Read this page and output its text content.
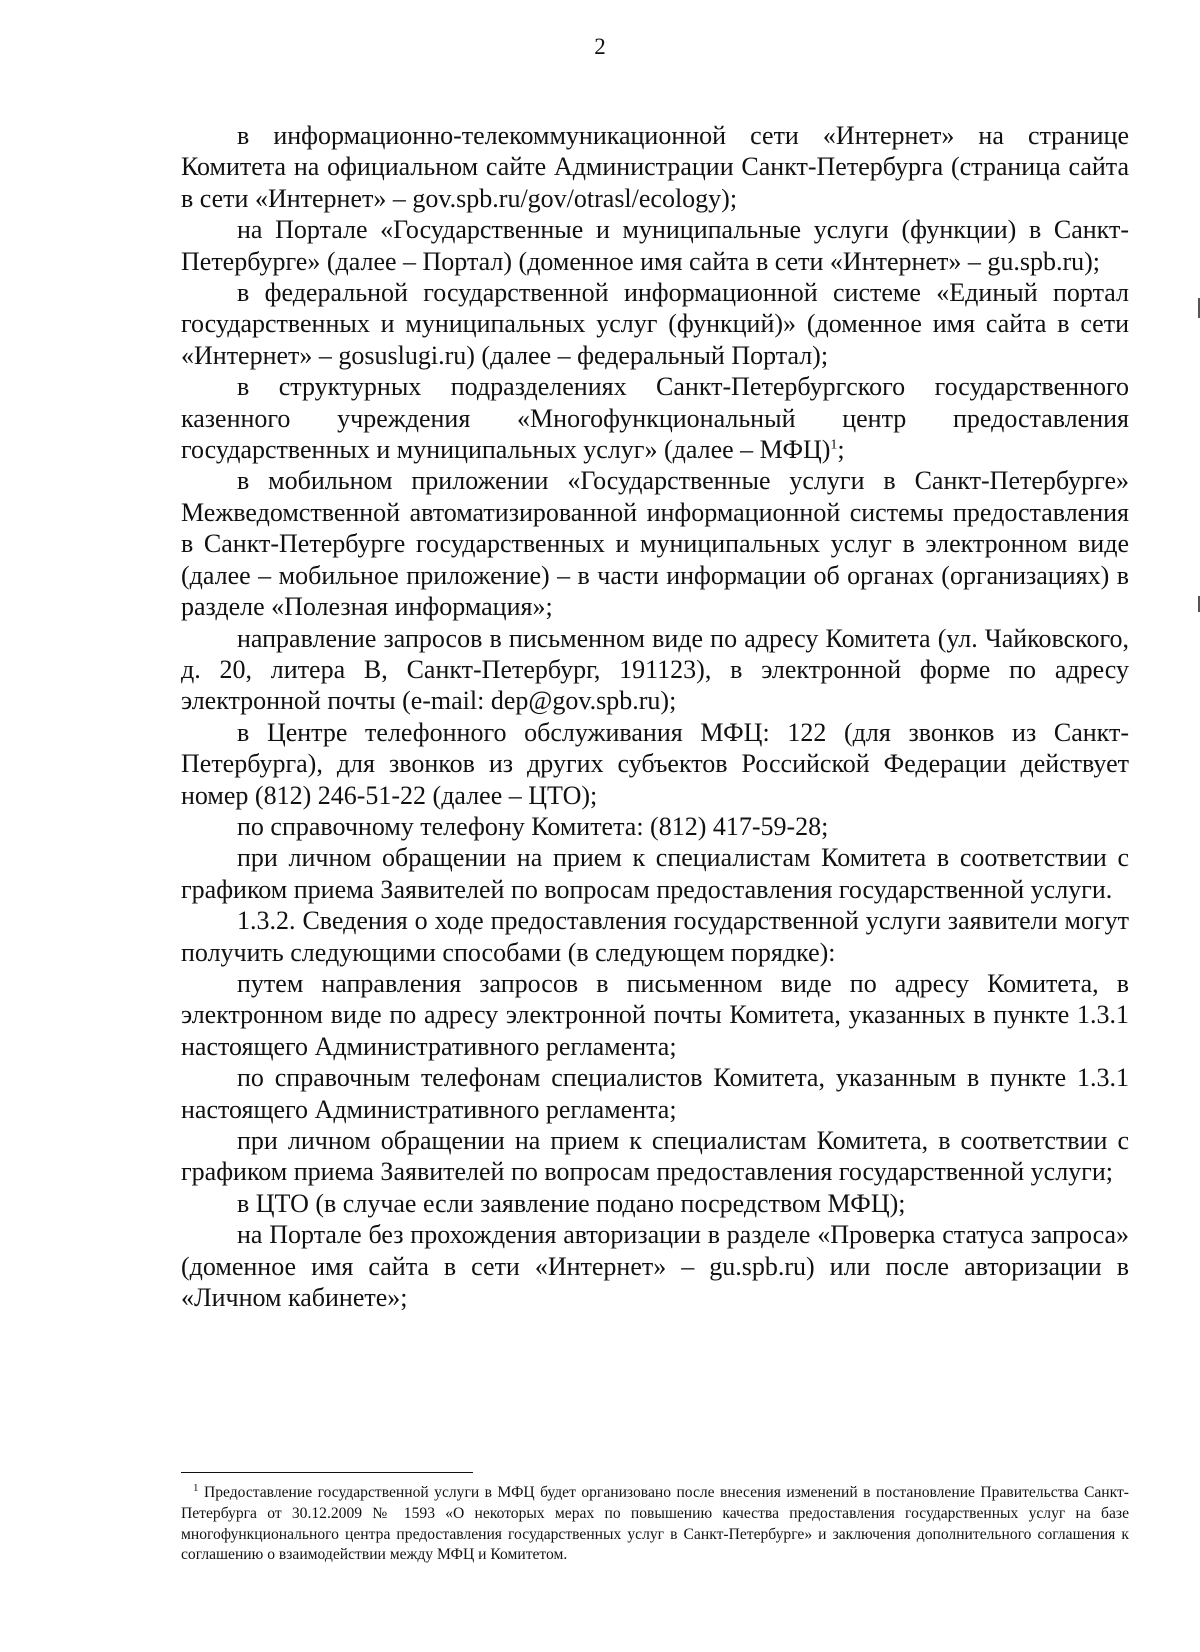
2

в информационно-телекоммуникационной сети «Интернет» на странице Комитета на официальном сайте Администрации Санкт-Петербурга (страница сайта в сети «Интернет» – gov.spb.ru/gov/otrasl/ecology);

на Портале «Государственные и муниципальные услуги (функции) в Санкт-Петербурге» (далее – Портал) (доменное имя сайта в сети «Интернет» – gu.spb.ru);

в федеральной государственной информационной системе «Единый портал государственных и муниципальных услуг (функций)» (доменное имя сайта в сети «Интернет» – gosuslugi.ru) (далее – федеральный Портал);

в структурных подразделениях Санкт-Петербургского государственного казенного учреждения «Многофункциональный центр предоставления государственных и муниципальных услуг» (далее – МФЦ)$^1$;

в мобильном приложении «Государственные услуги в Санкт-Петербурге» Межведомственной автоматизированной информационной системы предоставления в Санкт-Петербурге государственных и муниципальных услуг в электронном виде (далее – мобильное приложение) – в части информации об органах (организациях) в разделе «Полезная информация»;

направление запросов в письменном виде по адресу Комитета (ул. Чайковского, д. 20, литера В, Санкт-Петербург, 191123), в электронной форме по адресу электронной почты (e-mail: dep@gov.spb.ru);

в Центре телефонного обслуживания МФЦ: 122 (для звонков из Санкт-Петербурга), для звонков из других субъектов Российской Федерации действует номер (812) 246-51-22 (далее – ЦТО);

по справочному телефону Комитета: (812) 417-59-28;

при личном обращении на прием к специалистам Комитета в соответствии с графиком приема Заявителей по вопросам предоставления государственной услуги.

1.3.2. Сведения о ходе предоставления государственной услуги заявители могут получить следующими способами (в следующем порядке):

путем направления запросов в письменном виде по адресу Комитета, в электронном виде по адресу электронной почты Комитета, указанных в пункте 1.3.1 настоящего Административного регламента;

по справочным телефонам специалистов Комитета, указанным в пункте 1.3.1 настоящего Административного регламента;

при личном обращении на прием к специалистам Комитета, в соответствии с графиком приема Заявителей по вопросам предоставления государственной услуги;

в ЦТО (в случае если заявление подано посредством МФЦ);

на Портале без прохождения авторизации в разделе «Проверка статуса запроса» (доменное имя сайта в сети «Интернет» – gu.spb.ru) или после авторизации в «Личном кабинете»;

$^1$ Предоставление государственной услуги в МФЦ будет организовано после внесения изменений в постановление Правительства Санкт-Петербурга от 30.12.2009 № 1593 «О некоторых мерах по повышению качества предоставления государственных услуг на базе многофункционального центра предоставления государственных услуг в Санкт-Петербурге» и заключения дополнительного соглашения к соглашению о взаимодействии между МФЦ и Комитетом.
